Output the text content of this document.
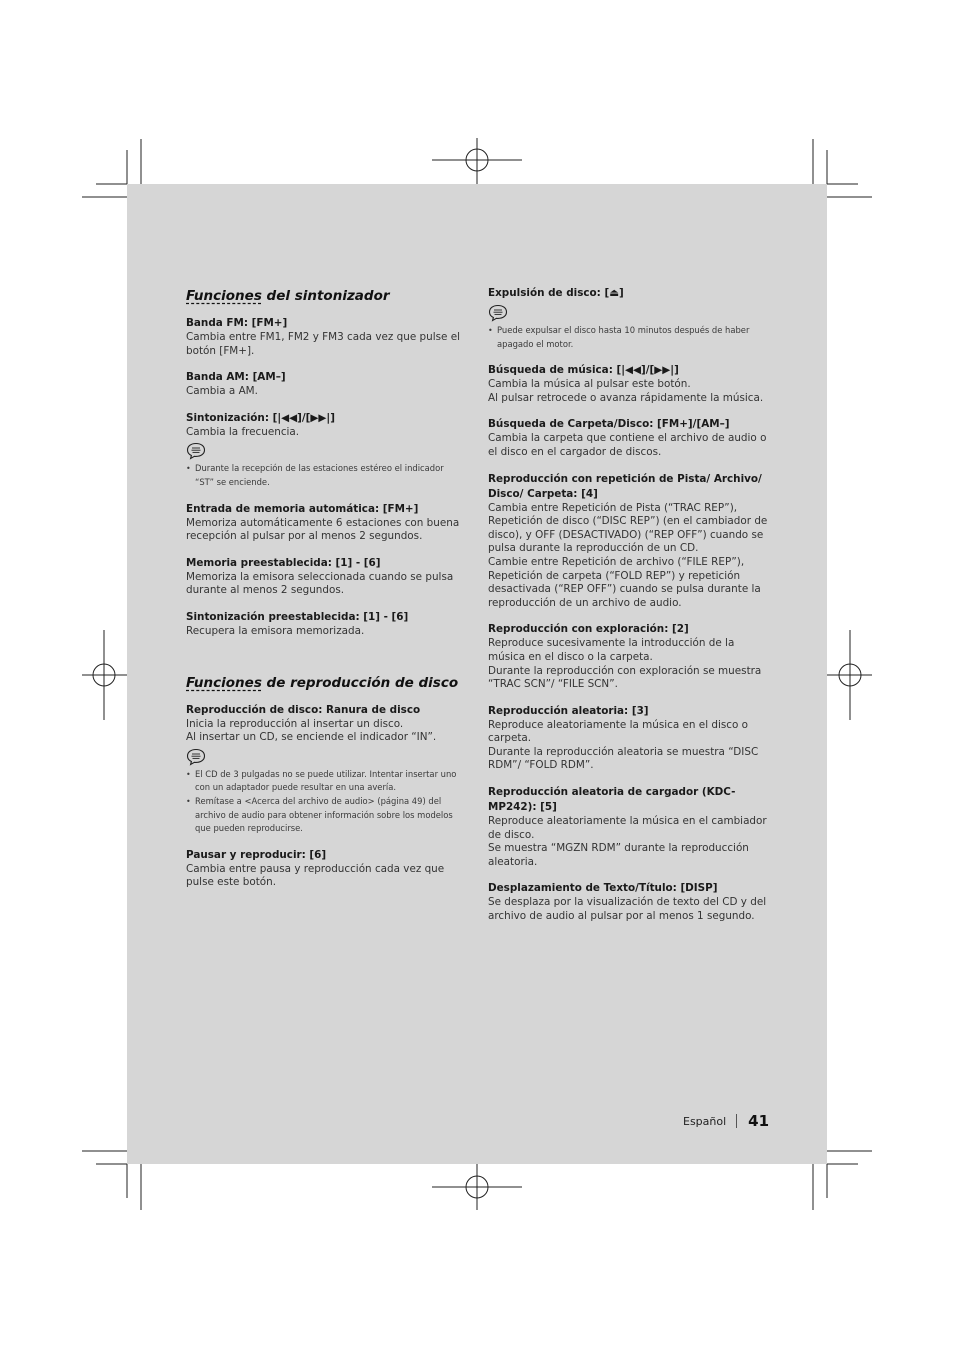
Funciones del sintonizador
Banda FM: [FM+]
Cambia entre FM1, FM2 y FM3 cada vez que pulse el
botón [FM+].
Banda AM: [AM–]
Cambia a AM.
Sintonización: [|◀◀]/[▶▶|]
Cambia la frecuencia.
• Durante la recepción de las estaciones estéreo el indicador “ST” se enciende.
Entrada de memoria automática: [FM+]
Memoriza automáticamente 6 estaciones con buena
recepción al pulsar por al menos 2 segundos.
Memoria preestablecida: [1] - [6]
Memoriza la emisora seleccionada cuando se pulsa
durante al menos 2 segundos.
Sintonización preestablecida: [1] - [6]
Recupera la emisora memorizada.
Funciones de reproducción de disco
Reproducción de disco: Ranura de disco
Inicia la reproducción al insertar un disco.
Al insertar un CD, se enciende el indicador “IN”.
• El CD de 3 pulgadas no se puede utilizar. Intentar insertar uno con un adaptador puede resultar en una avería.
• Remítase a <Acerca del archivo de audio> (página 49) del archivo de audio para obtener información sobre los modelos que pueden reproducirse.
Pausar y reproducir: [6]
Cambia entre pausa y reproducción cada vez que
pulse este botón.
Expulsión de disco: [⏏]
• Puede expulsar el disco hasta 10 minutos después de haber apagado el motor.
Búsqueda de música: [|◀◀]/[▶▶|]
Cambia la música al pulsar este botón.
Al pulsar retrocede o avanza rápidamente la música.
Búsqueda de Carpeta/Disco: [FM+]/[AM–]
Cambia la carpeta que contiene el archivo de audio o
el disco en el cargador de discos.
Reproducción con repetición de Pista/ Archivo/ Disco/ Carpeta: [4]
Cambia entre Repetición de Pista (“TRAC REP”),
Repetición de disco (“DISC REP”) (en el cambiador de
disco), y OFF (DESACTIVADO) (“REP OFF”) cuando se
pulsa durante la reproducción de un CD.
Cambie entre Repetición de archivo (“FILE REP”),
Repetición de carpeta (“FOLD REP”) y repetición
desactivada (“REP OFF”) cuando se pulsa durante la
reproducción de un archivo de audio.
Reproducción con exploración: [2]
Reproduce sucesivamente la introducción de la
música en el disco o la carpeta.
Durante la reproducción con exploración se muestra
“TRAC SCN”/ “FILE SCN”.
Reproducción aleatoria: [3]
Reproduce aleatoriamente la música en el disco o
carpeta.
Durante la reproducción aleatoria se muestra “DISC
RDM”/ “FOLD RDM”.
Reproducción aleatoria de cargador (KDC-MP242): [5]
Reproduce aleatoriamente la música en el cambiador
de disco.
Se muestra “MGZN RDM” durante la reproducción
aleatoria.
Desplazamiento de Texto/Título: [DISP]
Se desplaza por la visualización de texto del CD y del
archivo de audio al pulsar por al menos 1 segundo.
Español 41
